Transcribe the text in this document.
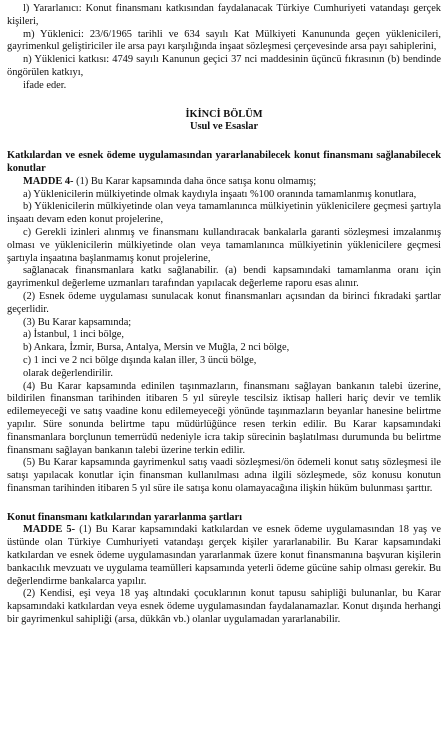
l) Yararlanıcı: Konut finansmanı katkısından faydalanacak Türkiye Cumhuriyeti vatandaşı gerçek kişileri,

m) Yüklenici: 23/6/1965 tarihli ve 634 sayılı Kat Mülkiyeti Kanununda geçen yüklenicileri, gayrimenkul geliştiriciler ile arsa payı karşılığında inşaat sözleşmesi çerçevesinde arsa payı sahiplerini,

n) Yüklenici katkısı: 4749 sayılı Kanunun geçici 37 nci maddesinin üçüncü fıkrasının (b) bendinde öngörülen katkıyı,

ifade eder.

İKİNCİ BÖLÜM

Usul ve Esaslar

Katkılardan ve esnek ödeme uygulamasından yararlanabilecek konut finansmanı sağlanabilecek konutlar

MADDE 4- (1) Bu Karar kapsamında daha önce satışa konu olmamış;

a) Yüklenicilerin mülkiyetinde olmak kaydıyla inşaatı %100 oranında tamamlanmış konutlara,

b) Yüklenicilerin mülkiyetinde olan veya tamamlanınca mülkiyetinin yüklenicilere geçmesi şartıyla inşaatı devam eden konut projelerine,

c) Gerekli izinleri alınmış ve finansmanı kullandıracak bankalarla garanti sözleşmesi imzalanmış olması ve yüklenicilerin mülkiyetinde olan veya tamamlanınca mülkiyetinin yüklenicilere geçmesi şartıyla inşaatına başlanmamış konut projelerine,

sağlanacak finansmanlara katkı sağlanabilir. (a) bendi kapsamındaki tamamlanma oranı için gayrimenkul değerleme uzmanları tarafından yapılacak değerleme raporu esas alınır.

(2) Esnek ödeme uygulaması sunulacak konut finansmanları açısından da birinci fıkradaki şartlar geçerlidir.

(3) Bu Karar kapsamında;

a) İstanbul, 1 inci bölge,

b) Ankara, İzmir, Bursa, Antalya, Mersin ve Muğla, 2 nci bölge,

c) 1 inci ve 2 nci bölge dışında kalan iller, 3 üncü bölge,

olarak değerlendirilir.

(4) Bu Karar kapsamında edinilen taşınmazların, finansmanı sağlayan bankanın talebi üzerine, bildirilen finansman tarihinden itibaren 5 yıl süreyle tescilsiz iktisap halleri hariç devir ve temlik edilemeyeceği ve satış vaadine konu edilemeyeceği yönünde taşınmazların beyanlar hanesine belirtme yapılır. Süre sonunda belirtme tapu müdürlüğünce resen terkin edilir. Bu Karar kapsamındaki finansmanlara borçlunun temerrüdü nedeniyle icra takip sürecinin başlatılması durumunda bu belirtme finansmanı sağlayan bankanın talebi üzerine terkin edilir.

(5) Bu Karar kapsamında gayrimenkul satış vaadi sözleşmesi/ön ödemeli konut satış sözleşmesi ile satışı yapılacak konutlar için finansman kullanılması adına ilgili sözleşmede, söz konusu konutun finansman tarihinden itibaren 5 yıl süre ile satışa konu olamayacağına ilişkin hüküm bulunması şarttır.

Konut finansmanı katkılarından yararlanma şartları

MADDE 5- (1) Bu Karar kapsamındaki katkılardan ve esnek ödeme uygulamasından 18 yaş ve üstünde olan Türkiye Cumhuriyeti vatandaşı gerçek kişiler yararlanabilir. Bu Karar kapsamındaki katkılardan ve esnek ödeme uygulamasından yararlanmak üzere konut finansmanına başvuran kişilerin bankacılık mevzuatı ve uygulama teamülleri kapsamında yeterli ödeme gücüne sahip olması gerekir. Bu değerlendirme bankalarca yapılır.

(2) Kendisi, eşi veya 18 yaş altındaki çocuklarının konut tapusu sahipliği bulunanlar, bu Karar kapsamındaki katkılardan veya esnek ödeme uygulamasından faydalanamazlar. Konut dışında herhangi bir gayrimenkul sahipliği (arsa, dükkân vb.) olanlar uygulamadan yararlanabilir.
